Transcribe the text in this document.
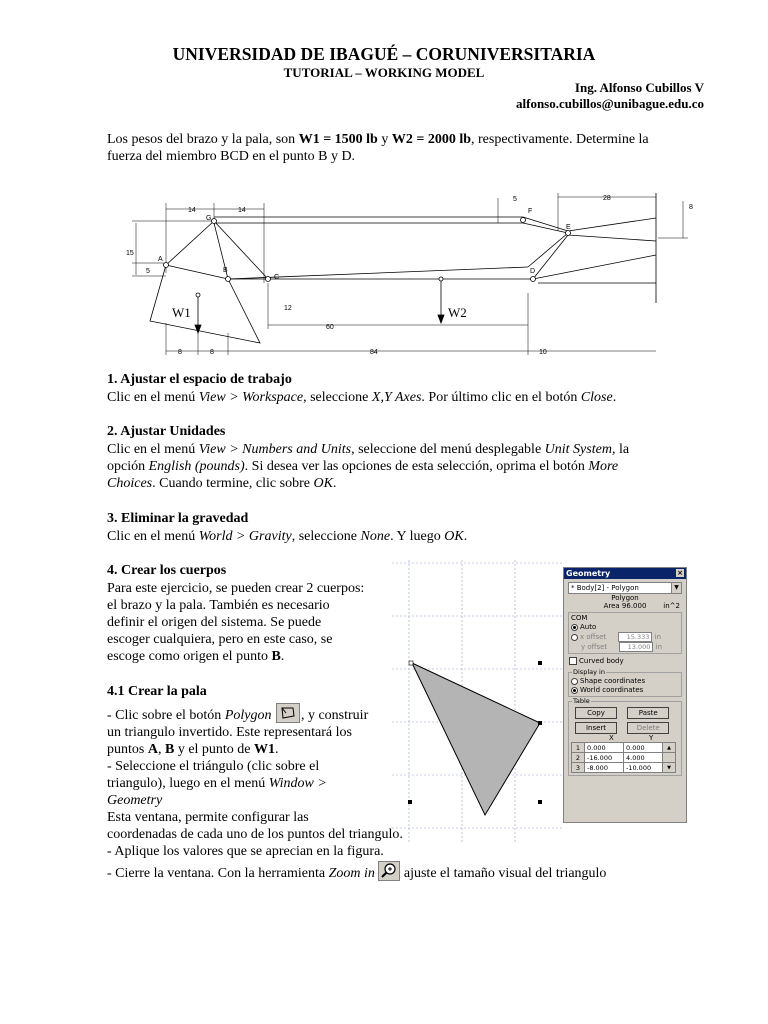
UNIVERSIDAD DE IBAGUÉ – CORUNIVERSITARIA
TUTORIAL – WORKING MODEL
Ing. Alfonso Cubillos V
alfonso.cubillos@unibague.edu.co
Los pesos del brazo y la pala, son W1 = 1500 lb y W2 = 2000 lb, respectivamente. Determine la
fuerza del miembro BCD en el punto B y D.
14	14
5	28
8
15
5
A
G
B
C
F
E
D
12
60
8	8	84	10
W1	W2
1. Ajustar el espacio de trabajo
Clic en el menú View > Workspace, seleccione X,Y Axes. Por último clic en el botón Close.
2. Ajustar Unidades
Clic en el menú View > Numbers and Units, seleccione del menú desplegable Unit System, la
opción English (pounds). Si desea ver las opciones de esta selección, oprima el botón More
Choices. Cuando termine, clic sobre OK.
3. Eliminar la gravedad
Clic en el menú World > Gravity, seleccione None. Y luego OK.
4. Crear los cuerpos
Para este ejercicio, se pueden crear 2 cuerpos:
el brazo y la pala. También es necesario
definir el origen del sistema. Se puede
escoger cualquiera, pero en este caso, se
escoge como origen el punto B.
4.1 Crear la pala
- Clic sobre el botón Polygon , y construir
un triangulo invertido. Este representará los
puntos A, B y el punto de W1.
- Seleccione el triángulo (clic sobre el
triangulo), luego en el menú Window >
Geometry
Esta ventana, permite configurar las
coordenadas de cada uno de los puntos del triangulo.
- Aplique los valores que se aprecian en la figura.
- Cierre la ventana. Con la herramienta Zoom in  ajuste el tamaño visual del triangulo
Geometry	×
* Body[2] - Polygon	▼
Polygon
Area 96.000 in^2
COM
Auto
x offset	15.333 in
y offset	13.000 in
Curved body
Display in
Shape coordinates
World coordinates
Table
Copy	Paste
Insert	Delete
X	Y
1	0.000	0.000	▲
2	-16.000	4.000	
3	-8.000	-10.000	▼
